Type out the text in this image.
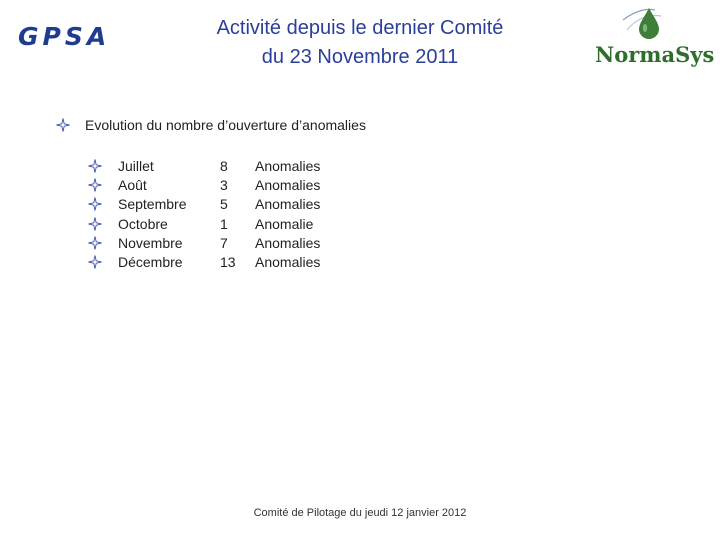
GPSA	Activité depuis le dernier Comité
du 23 Novembre 2011	NormaSys
Evolution du nombre d’ouverture d’anomalies
Juillet	8	Anomalies
Août	3	Anomalies
Septembre	5	Anomalies
Octobre	1	Anomalie
Novembre	7	Anomalies
Décembre	13	Anomalies
Comité de Pilotage du jeudi 12 janvier 2012
